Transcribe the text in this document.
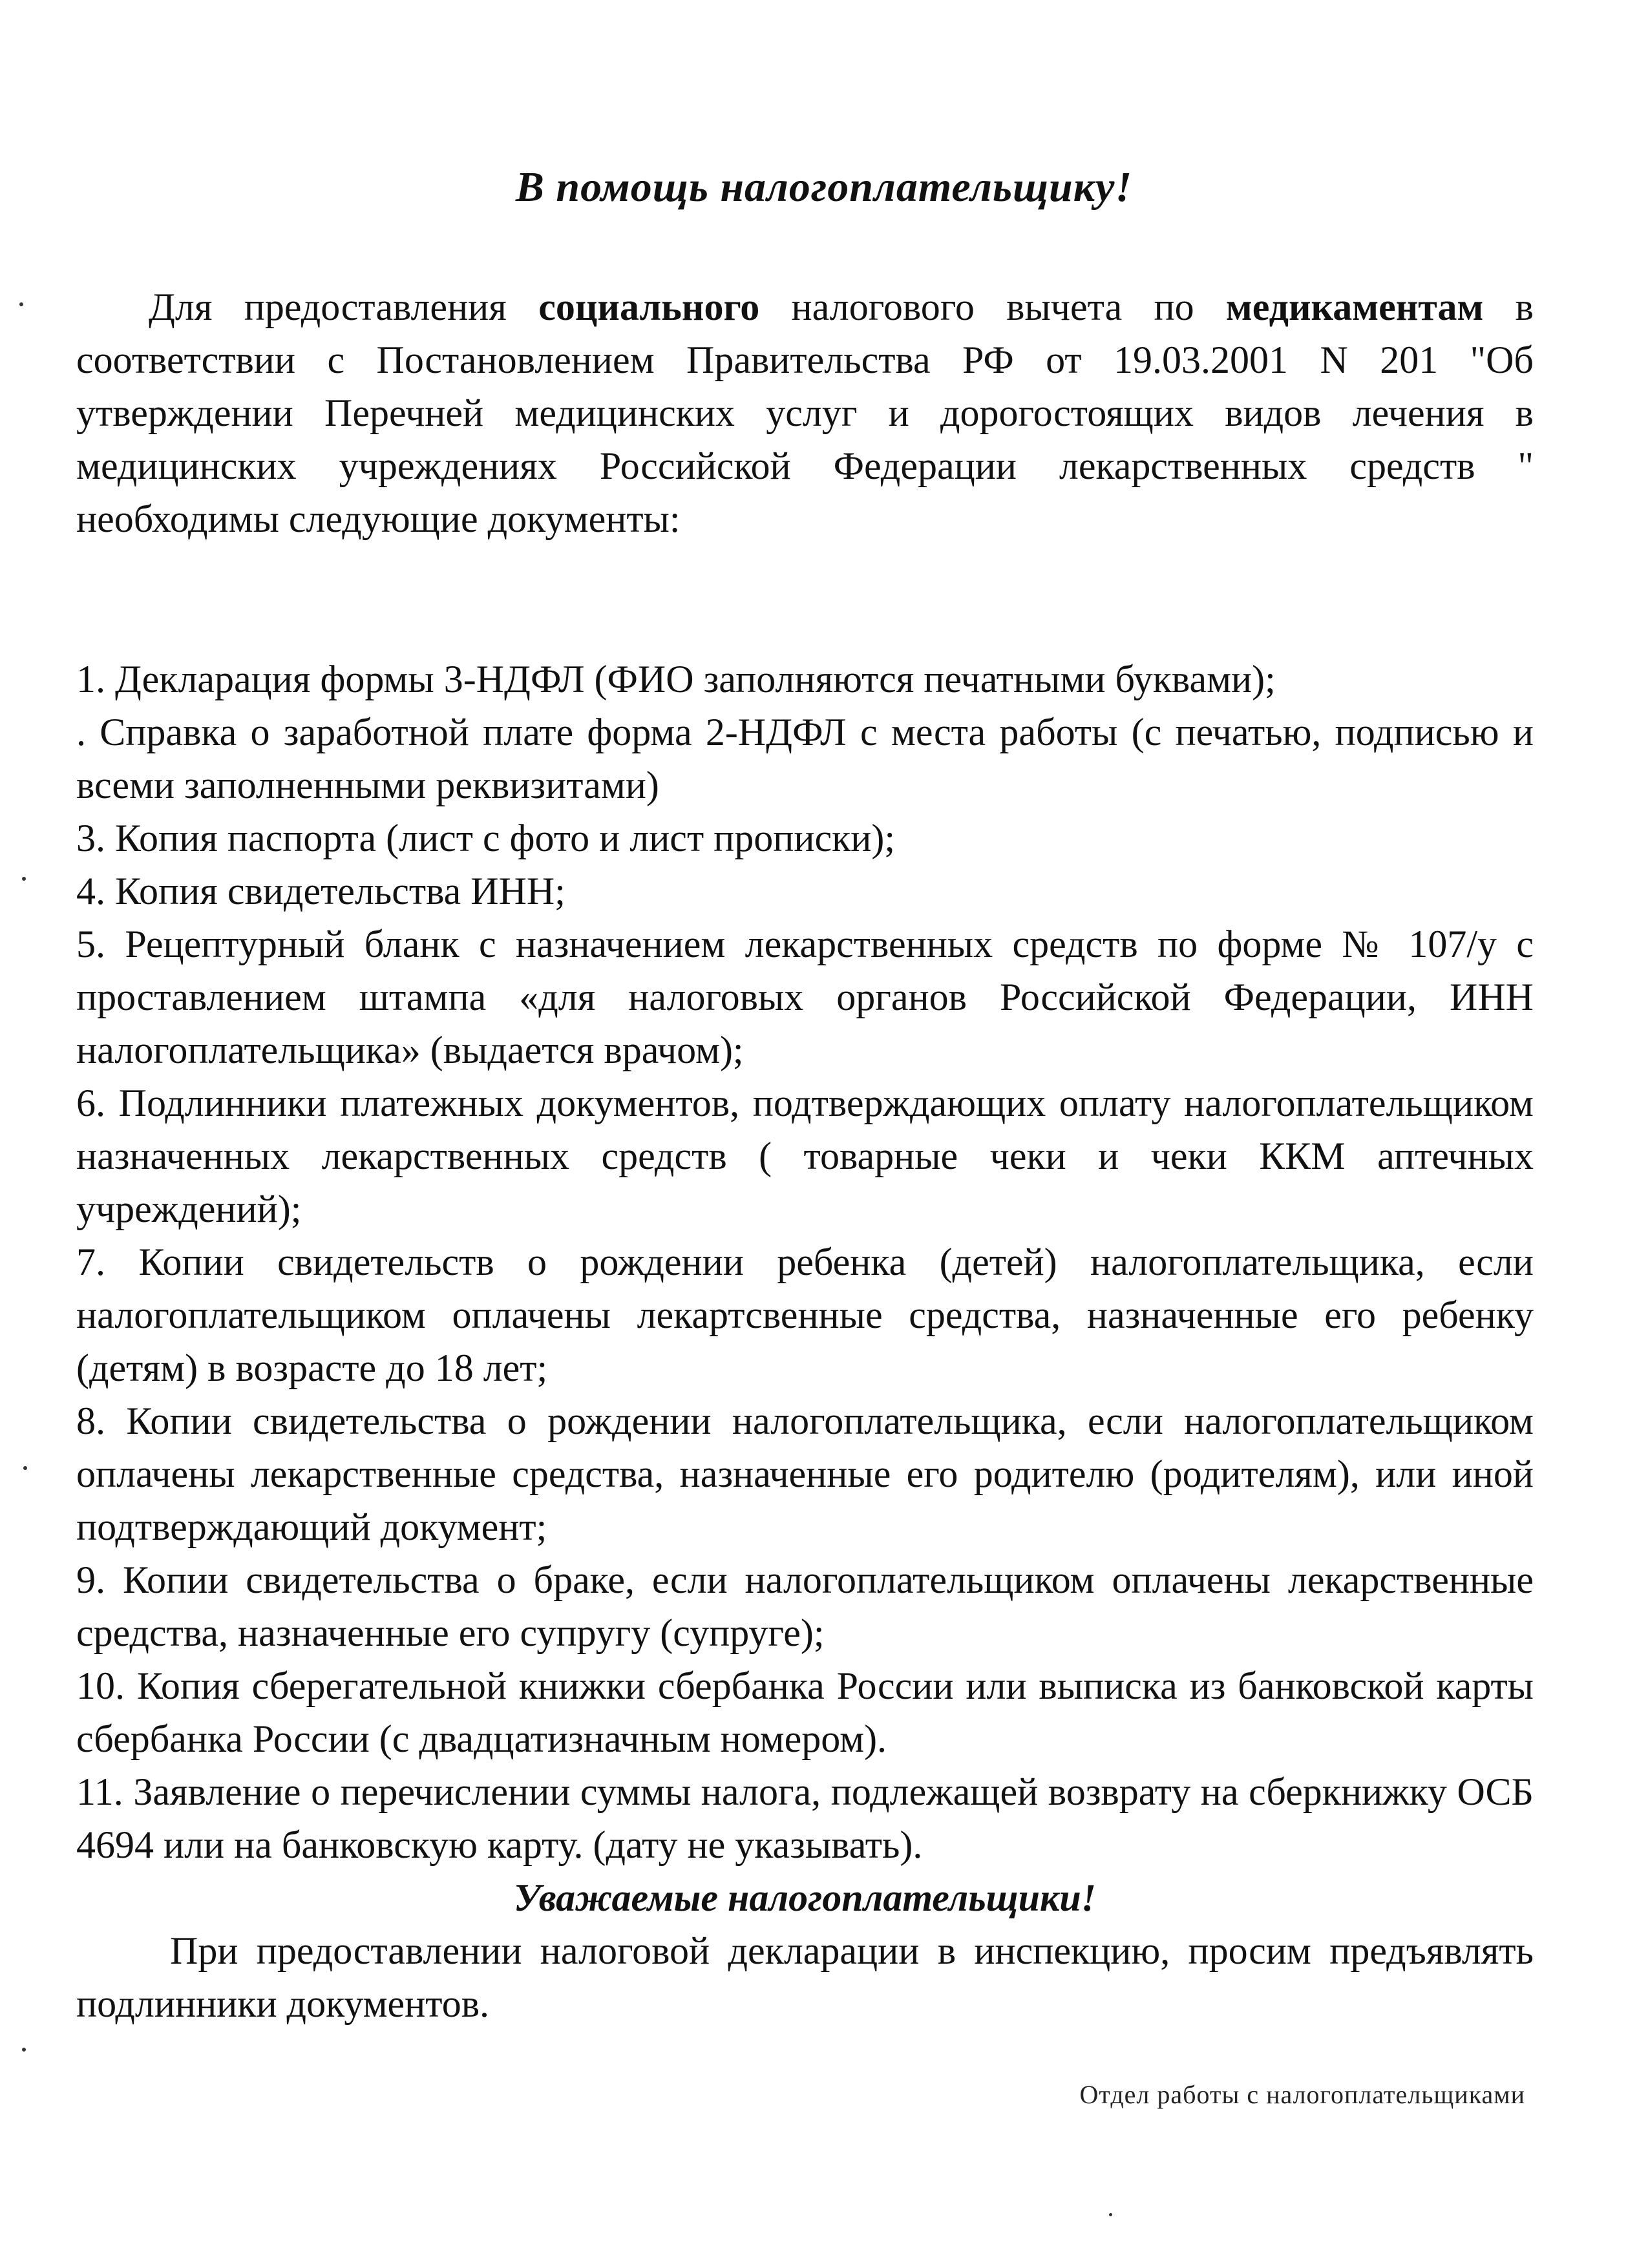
В помощь налогоплательщику!

Для предоставления социального налогового вычета по медикаментам в соответствии с Постановлением Правительства РФ от 19.03.2001 N 201 "Об утверждении Перечней медицинских услуг и дорогостоящих видов лечения в медицинских учреждениях Российской Федерации лекарственных средств " необходимы следующие документы:

1. Декларация формы 3-НДФЛ (ФИО заполняются печатными буквами);

. Справка о заработной плате форма 2-НДФЛ с места работы (с печатью, подписью и всеми заполненными реквизитами)

3. Копия паспорта (лист с фото и лист прописки);

4. Копия свидетельства ИНН;

5. Рецептурный бланк с назначением лекарственных средств по форме № 107/у с проставлением штампа «для налоговых органов Российской Федерации, ИНН налогоплательщика» (выдается врачом);

6. Подлинники платежных документов, подтверждающих оплату налогоплательщиком назначенных лекарственных средств ( товарные чеки и чеки ККМ аптечных учреждений);

7. Копии свидетельств о рождении ребенка (детей) налогоплательщика, если налогоплательщиком оплачены лекартсвенные средства, назначенные его ребенку (детям) в возрасте до 18 лет;

8. Копии свидетельства о рождении налогоплательщика, если налогоплательщиком оплачены лекарственные средства, назначенные его родителю (родителям), или иной подтверждающий документ;

9. Копии свидетельства о браке, если налогоплательщиком оплачены лекарственные средства, назначенные его супругу (супруге);

10. Копия сберегательной книжки сбербанка России или выписка из банковской карты сбербанка России (с двадцатизначным номером).

11. Заявление о перечислении суммы налога, подлежащей возврату на сберкнижку ОСБ 4694 или на банковскую карту. (дату не указывать).

Уважаемые налогоплательщики!

При предоставлении налоговой декларации в инспекцию, просим предъявлять подлинники документов.

Отдел работы с налогоплательщиками
